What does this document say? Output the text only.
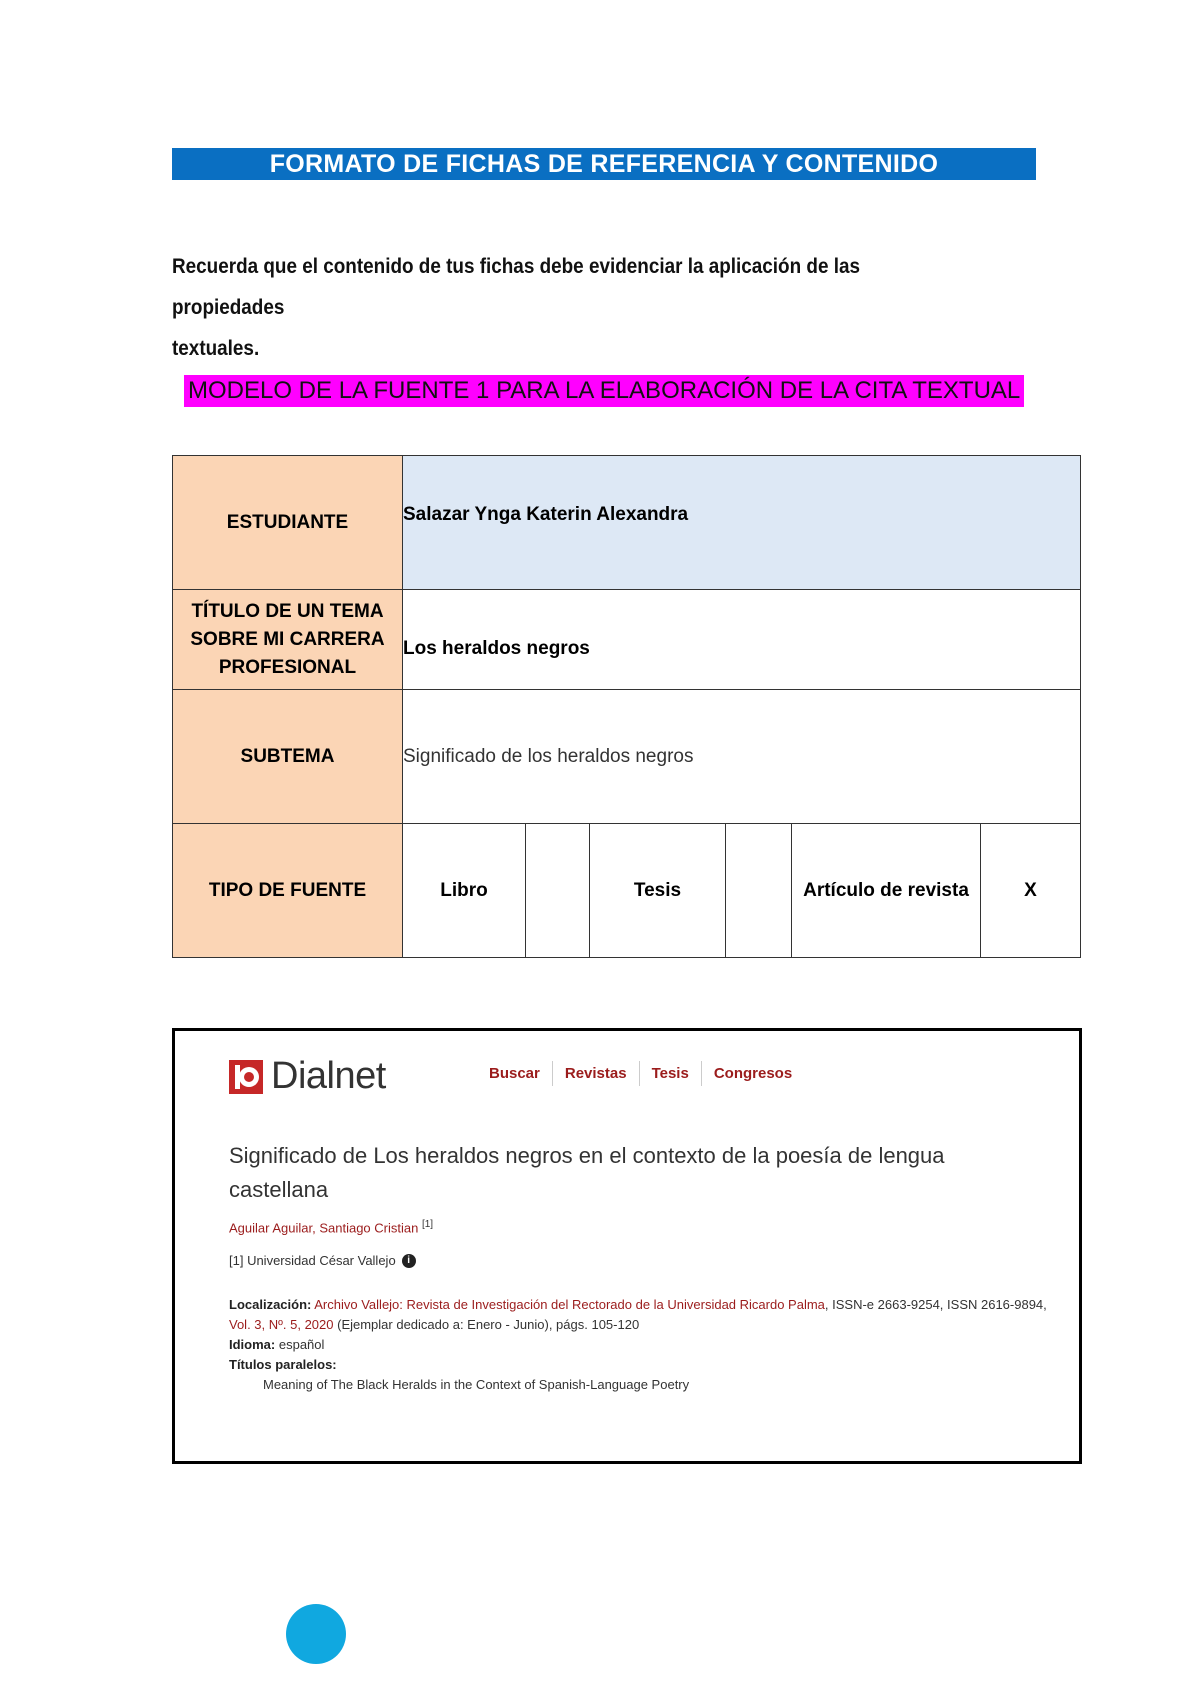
FORMATO DE FICHAS DE REFERENCIA Y CONTENIDO
Recuerda que el contenido de tus fichas debe evidenciar la aplicación de las propiedades
textuales.
MODELO DE LA FUENTE 1 PARA LA ELABORACIÓN DE LA CITA TEXTUAL
ESTUDIANTE	Salazar Ynga Katerin Alexandra					

TÍTULO DE UN TEMA
SOBRE MI CARRERA
PROFESIONAL	Los heraldos negros					
SUBTEMA	Significado de los heraldos negros					
TIPO DE FUENTE	Libro		Tesis		Artículo de revista	X
Dialnet	Buscar	Revistas	Tesis	Congresos
Significado de Los heraldos negros en el contexto de la poesía de lengua castellana
Aguilar Aguilar, Santiago Cristian [1]
[1] Universidad César Vallejo	i
Localización: Archivo Vallejo: Revista de Investigación del Rectorado de la Universidad Ricardo Palma, ISSN-e 2663-9254, ISSN 2616-9894, Vol. 3, Nº. 5, 2020 (Ejemplar dedicado a: Enero - Junio), págs. 105-120
Idioma: español
Títulos paralelos:
Meaning of The Black Heralds in the Context of Spanish-Language Poetry
